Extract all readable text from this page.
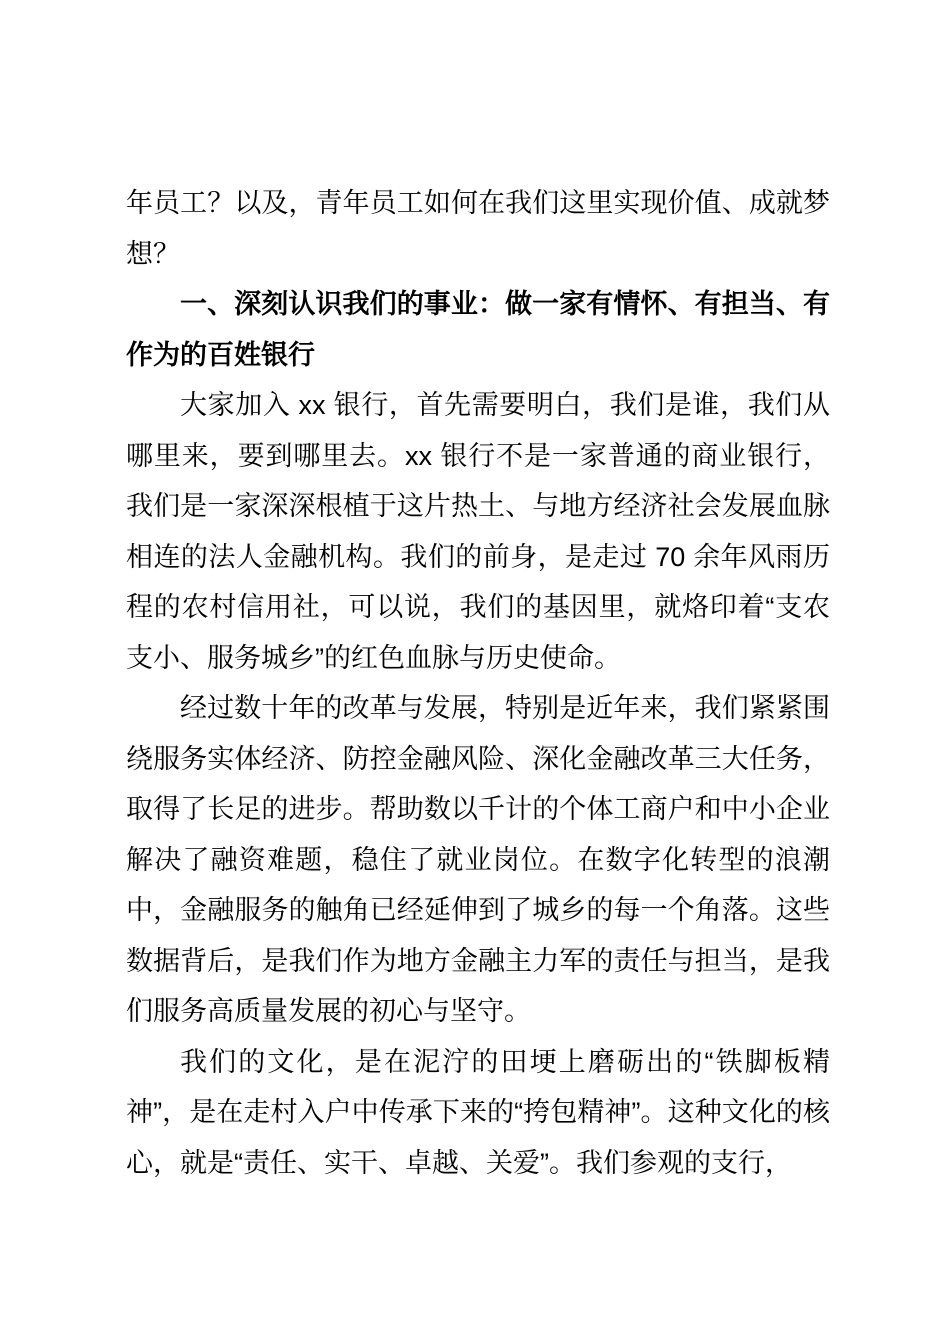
年员工？以及，青年员工如何在我们这里实现价值、成就梦想？

一、深刻认识我们的事业：做一家有情怀、有担当、有作为的百姓银行

大家加入 xx 银行，首先需要明白，我们是谁，我们从哪里来，要到哪里去。xx 银行不是一家普通的商业银行，我们是一家深深根植于这片热土、与地方经济社会发展血脉相连的法人金融机构。我们的前身，是走过 70 余年风雨历程的农村信用社，可以说，我们的基因里，就烙印着“支农支小、服务城乡”的红色血脉与历史使命。

经过数十年的改革与发展，特别是近年来，我们紧紧围绕服务实体经济、防控金融风险、深化金融改革三大任务，取得了长足的进步。帮助数以千计的个体工商户和中小企业解决了融资难题，稳住了就业岗位。在数字化转型的浪潮中，金融服务的触角已经延伸到了城乡的每一个角落。这些数据背后，是我们作为地方金融主力军的责任与担当，是我们服务高质量发展的初心与坚守。

我们的文化，是在泥泞的田埂上磨砺出的“铁脚板精神”，是在走村入户中传承下来的“挎包精神”。这种文化的核心，就是“责任、实干、卓越、关爱”。我们参观的支行，
